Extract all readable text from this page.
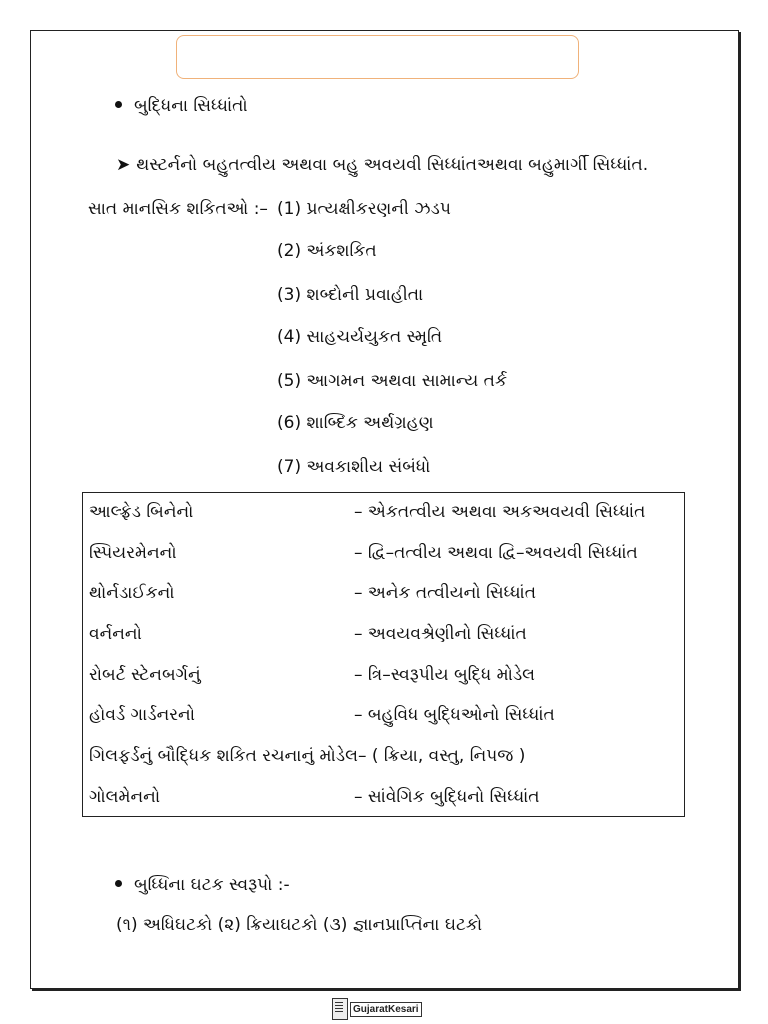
બુદ્ધિના સિધ્ધાંતો
➤ થસ્ટર્નનો બહુતત્વીય અથવા બહુ અવયવી સિધ્ધાંતઅથવા બહુમાર્ગી સિધ્ધાંત.
સાત માનસિક શકિતઓ :– (1) પ્રત્યક્ષીકરણની ઝડપ
(2) અંકશકિત
(3) શબ્દોની પ્રવાહીતા
(4) સાહચર્યયુકત સ્મૃતિ
(5) આગમન અથવા સામાન્ય તર્ક
(6) શાબ્દિક અર્થગ્રહણ
(7) અવકાશીય સંબંધો
આલ્ફ્રેડ બિનેનો	– એકતત્વીય અથવા અકઅવયવી સિધ્ધાંત
સ્પિયરમેનનો	– દ્વિ–તત્વીય અથવા દ્વિ–અવયવી સિધ્ધાંત
થોર્નડાઈકનો	– અનેક તત્વીયનો સિધ્ધાંત
વર્નનનો	– અવયવશ્રેણીનો સિધ્ધાંત
રોબર્ટ સ્ટેનબર્ગનું	– ત્રિ–સ્વરૂપીય બુદ્ધિ મોડેલ
હોવર્ડ ગાર્ડનરનો	– બહુવિધ બુદ્ધિઓનો સિધ્ધાંત
ગિલફર્ડનું બૌદ્ધિક શકિત રચનાનું મોડેલ– ( ક્રિયા, વસ્તુ, નિપજ )
ગોલમેનનો	– સાંવેગિક બુદ્ધિનો સિધ્ધાંત
બુધ્ધિના ઘટક સ્વરૂપો :-
(૧) અધિઘટકો (૨) ક્રિયાઘટકો (૩) જ્ઞાનપ્રાપ્તિના ઘટકો
GujaratKesari
